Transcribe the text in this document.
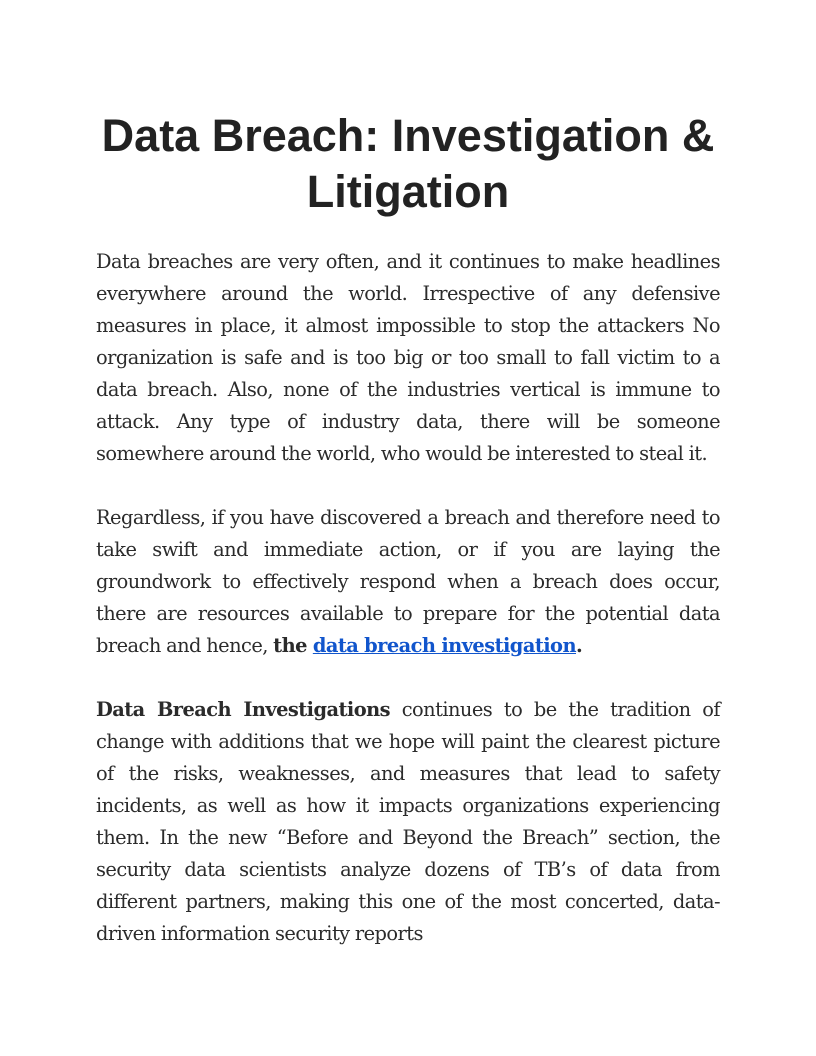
Data Breach: Investigation & Litigation

Data breaches are very often, and it continues to make headlines everywhere around the world. Irrespective of any defensive measures in place, it almost impossible to stop the attackers No organization is safe and is too big or too small to fall victim to a data breach. Also, none of the industries vertical is immune to attack. Any type of industry data, there will be someone somewhere around the world, who would be interested to steal it.

Regardless, if you have discovered a breach and therefore need to take swift and immediate action, or if you are laying the groundwork to effectively respond when a breach does occur, there are resources available to prepare for the potential data breach and hence, the data breach investigation.

Data Breach Investigations continues to be the tradition of change with additions that we hope will paint the clearest picture of the risks, weaknesses, and measures that lead to safety incidents, as well as how it impacts organizations experiencing them. In the new “Before and Beyond the Breach” section, the security data scientists analyze dozens of TB’s of data from different partners, making this one of the most concerted, data-driven information security reports
